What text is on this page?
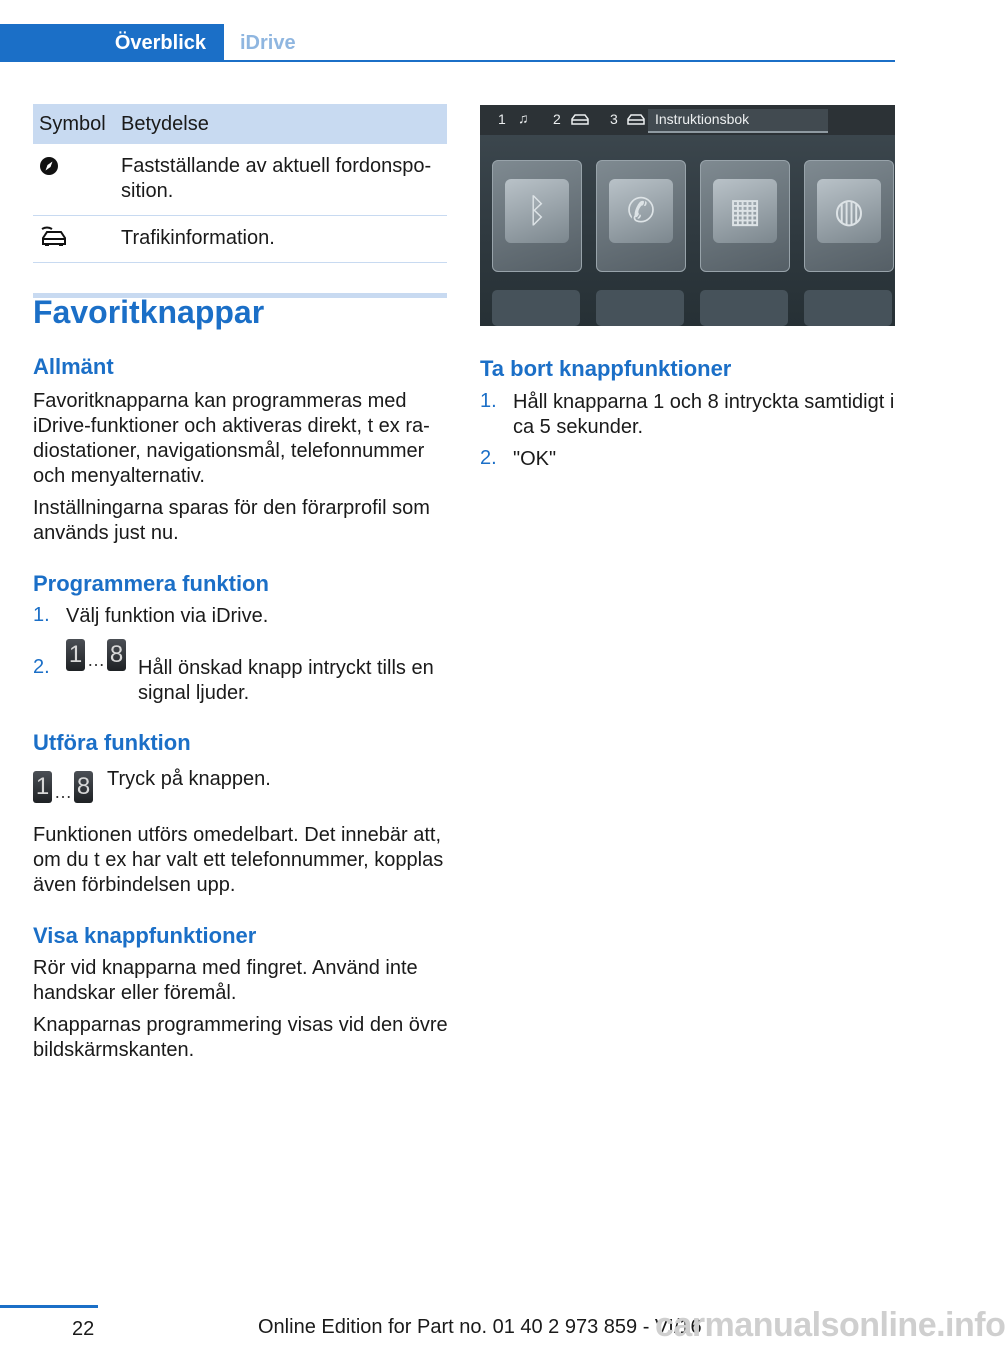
Överblick	iDrive
Symbol Betydelse
Fastställande av aktuell fordonspo‐sition.
Trafikinformation.
Favoritknappar
Allmänt

Favoritknapparna kan programmeras med iDrive-funktioner och aktiveras direkt, t ex ra‐diostationer, navigationsmål, telefonnummer och menyalternativ.

Inställningarna sparas för den förarprofil som används just nu.

Programmera funktion
1. Välj funktion via iDrive.

2. 1 … 8 Håll önskad knapp intryckt tills en signal ljuder.

Utföra funktion
1 … 8 Tryck på knappen.

Funktionen utförs omedelbart. Det innebär att, om du t ex har valt ett telefonnummer, kopplas även förbindelsen upp.

Visa knappfunktioner

Rör vid knapparna med fingret. Använd inte handskar eller föremål.

Knapparnas programmering visas vid den övre bildskärmskanten.

1 ♫ 2	3	Instruktionsbok
ᛒ	✆	▦	◍
Ta bort knappfunktioner
1. Håll knapparna 1 och 8 intryckta samtidigt i ca 5 sekunder.

2. "OK"

22	Online Edition for Part no. 01 40 2 973 859 - VI/16
carmanualsonline.info
